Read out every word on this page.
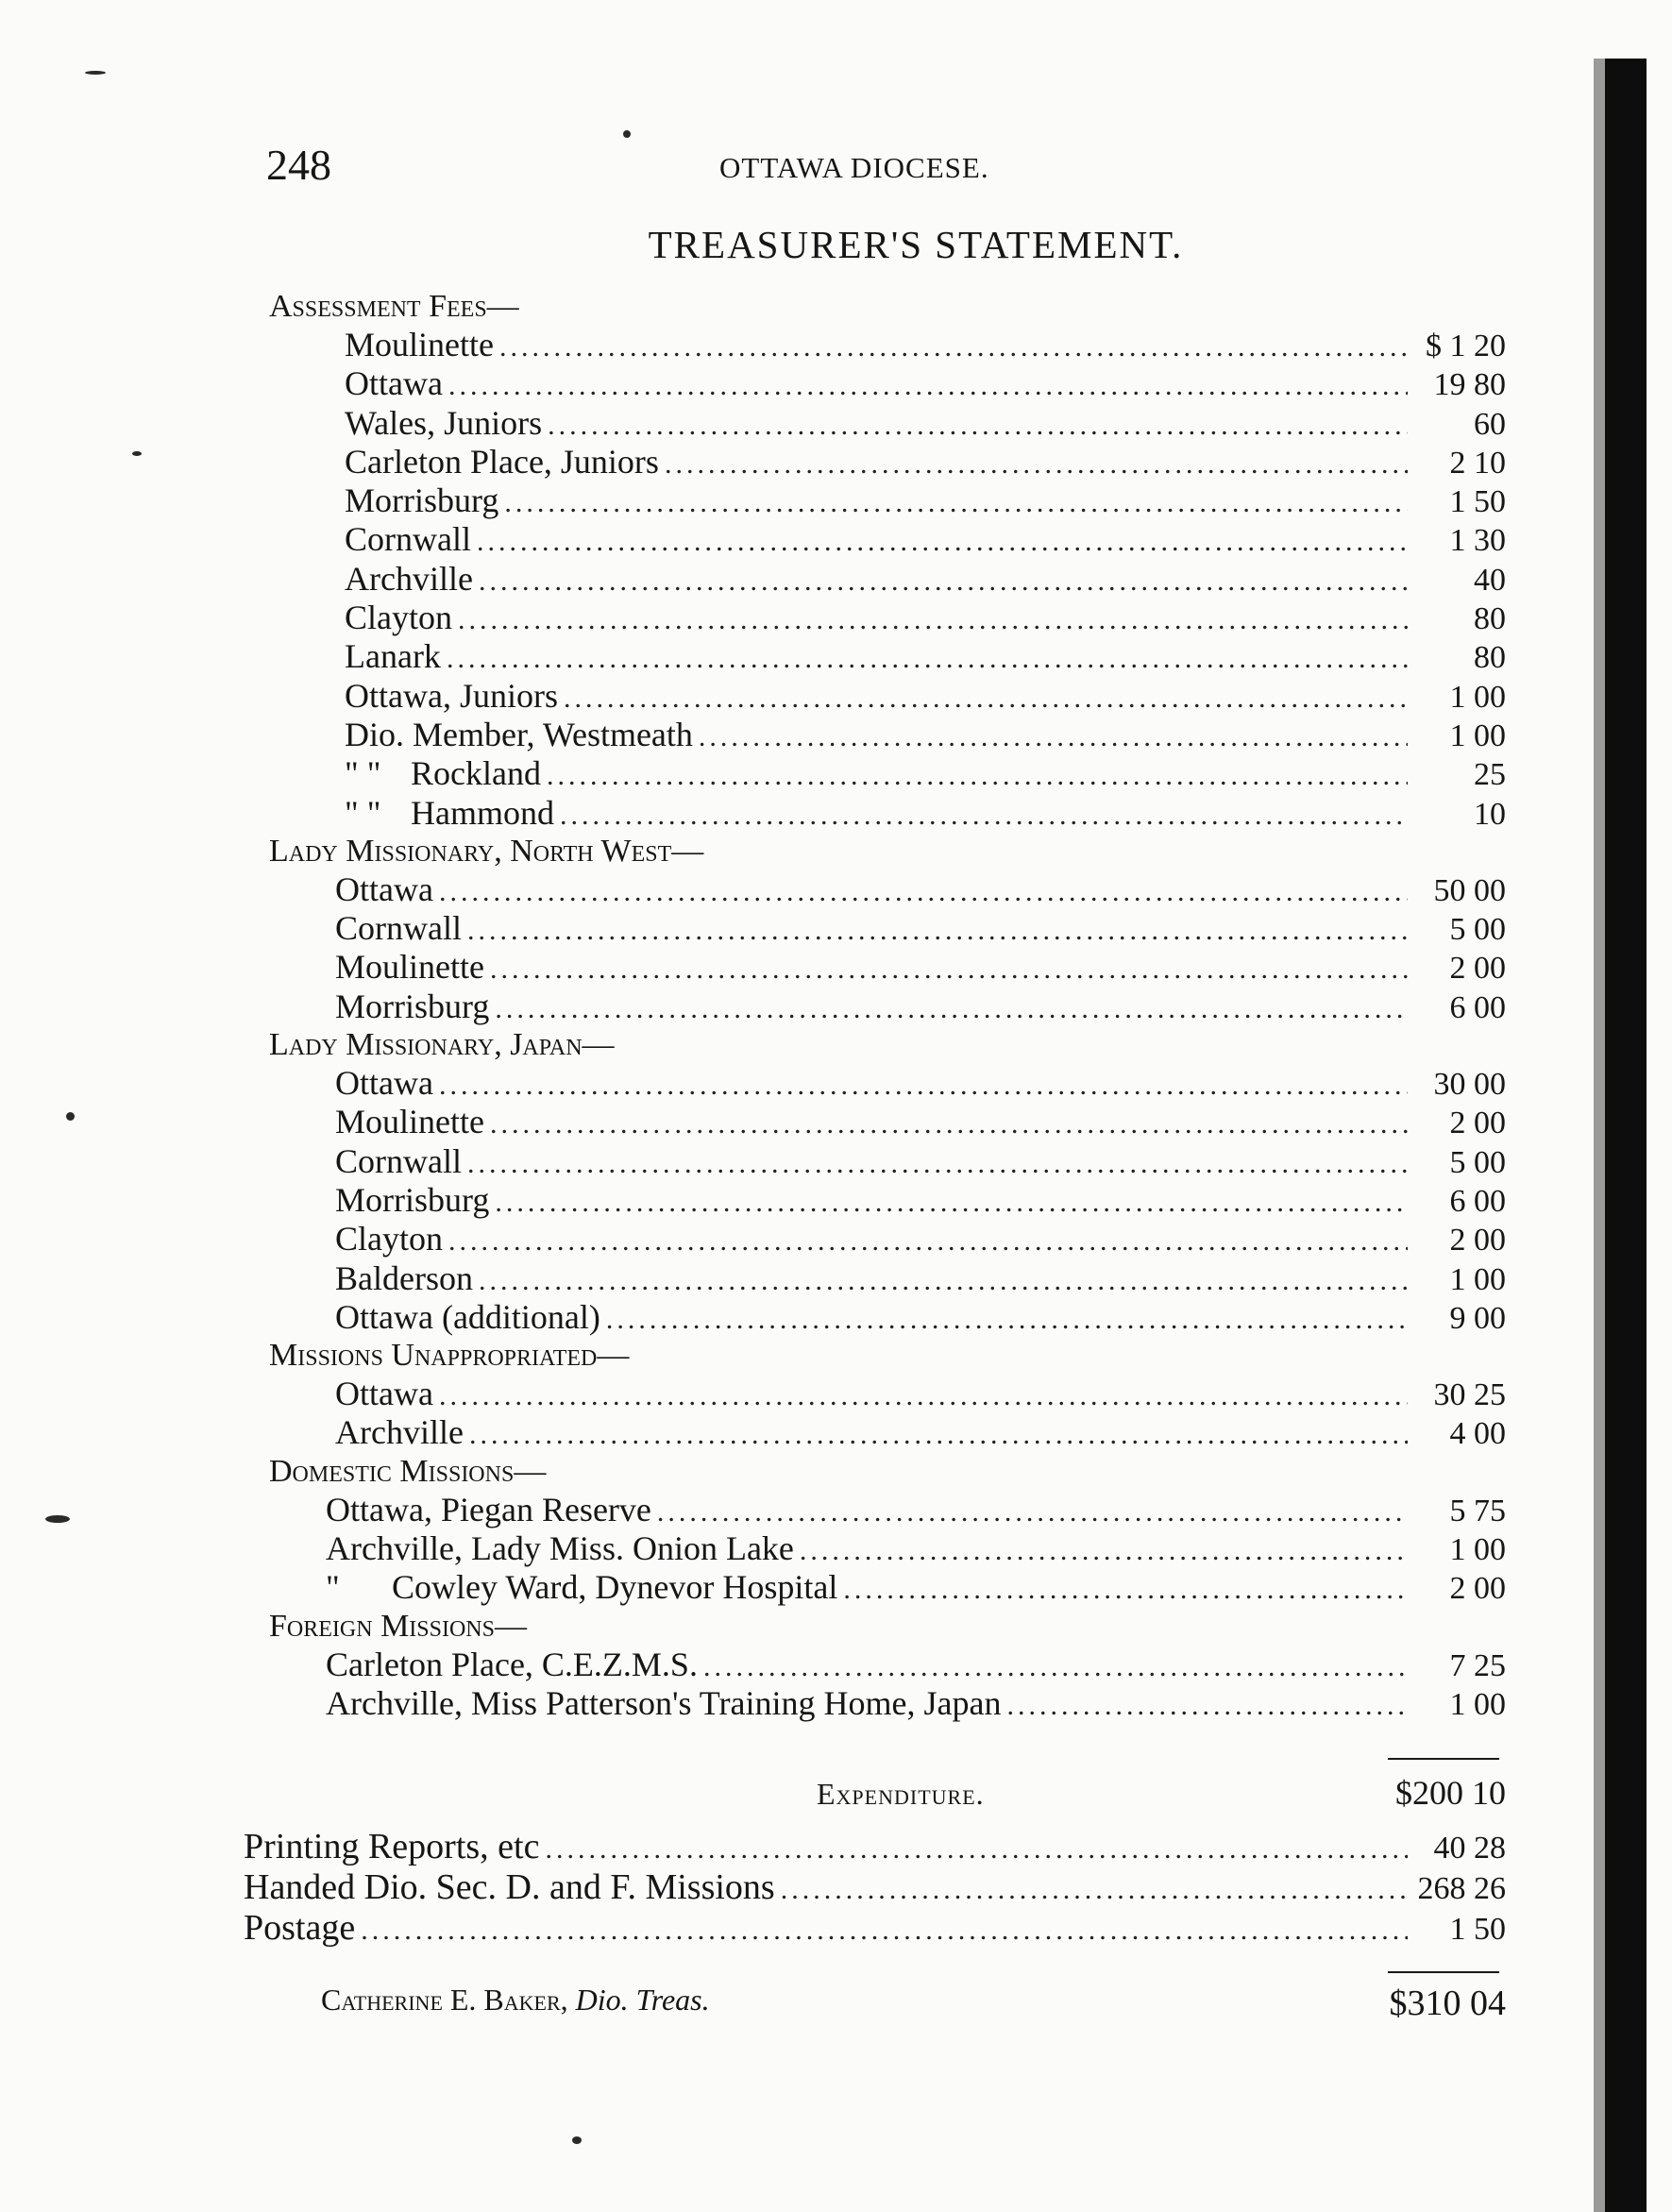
248	OTTAWA DIOCESE.
TREASURER'S STATEMENT.
Assessment Fees—
Moulinette .....	$ 1 20
Ottawa .....	19 80
Wales, Juniors .....	60
Carleton Place, Juniors .....	2 10
Morrisburg .....	1 50
Cornwall .....	1 30
Archville .....	40
Clayton .....	80
Lanark .....	80
Ottawa, Juniors .....	1 00
Dio. Member, Westmeath .....	1 00
" " Rockland .....	25
" " Hammond .....	10
Lady Missionary, North West—
Ottawa .....	50 00
Cornwall .....	5 00
Moulinette .....	2 00
Morrisburg .....	6 00
Lady Missionary, Japan—
Ottawa .....	30 00
Moulinette .....	2 00
Cornwall .....	5 00
Morrisburg .....	6 00
Clayton .....	2 00
Balderson .....	1 00
Ottawa (additional) .....	9 00
Missions Unappropriated—
Ottawa .....	30 25
Archville .....	4 00
Domestic Missions—
Ottawa, Piegan Reserve .....	5 75
Archville, Lady Miss. Onion Lake .....	1 00
" Cowley Ward, Dynevor Hospital .....	2 00
Foreign Missions—
Carleton Place, C.E.Z.M.S. .....	7 25
Archville, Miss Patterson's Training Home, Japan .....	1 00
Expenditure.	$200 10
Printing Reports, etc .....	40 28
Handed Dio. Sec. D. and F. Missions .....	268 26
Postage .....	1 50
Catherine E. Baker, Dio. Treas.	$310 04
